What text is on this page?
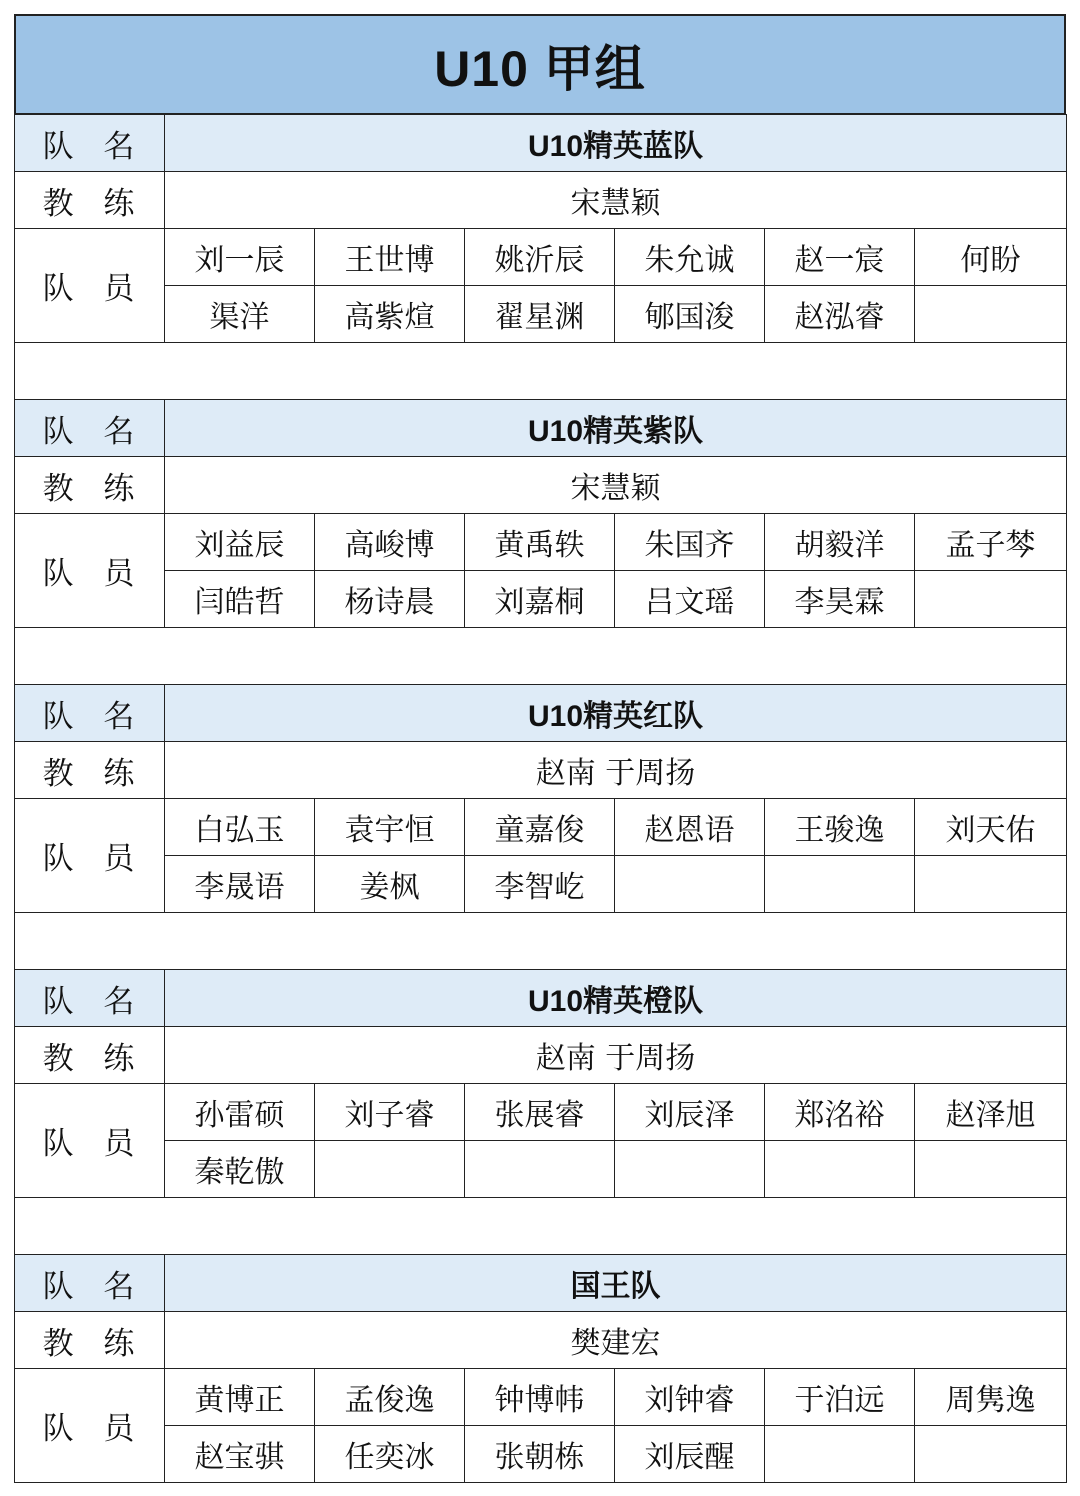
U10 甲组
队 名	U10精英蓝队					
教 练	宋慧颖					
队 员	刘一辰	王世博	姚沂辰	朱允诚	赵一宸	何盼
	渠洋	高紫煊	翟星渊	郇国浚	赵泓睿	

队 名	U10精英紫队					
教 练	宋慧颖					
队 员	刘益辰	高峻博	黄禹轶	朱国齐	胡毅洋	孟子棽
	闫皓哲	杨诗晨	刘嘉桐	吕文瑶	李昊霖	

队 名	U10精英红队					
教 练	赵南 于周扬					
队 员	白弘玉	袁宇恒	童嘉俊	赵恩语	王骏逸	刘天佑
	李晟语	姜枫	李智屹			

队 名	U10精英橙队					
教 练	赵南 于周扬					
队 员	孙雷硕	刘子睿	张展睿	刘辰泽	郑洺裕	赵泽旭
	秦乾傲					

队 名	国王队					
教 练	樊建宏					
队 员	黄博正	孟俊逸	钟博帏	刘钟睿	于泊远	周隽逸
	赵宝骐	任奕冰	张朝栋	刘辰醒		
